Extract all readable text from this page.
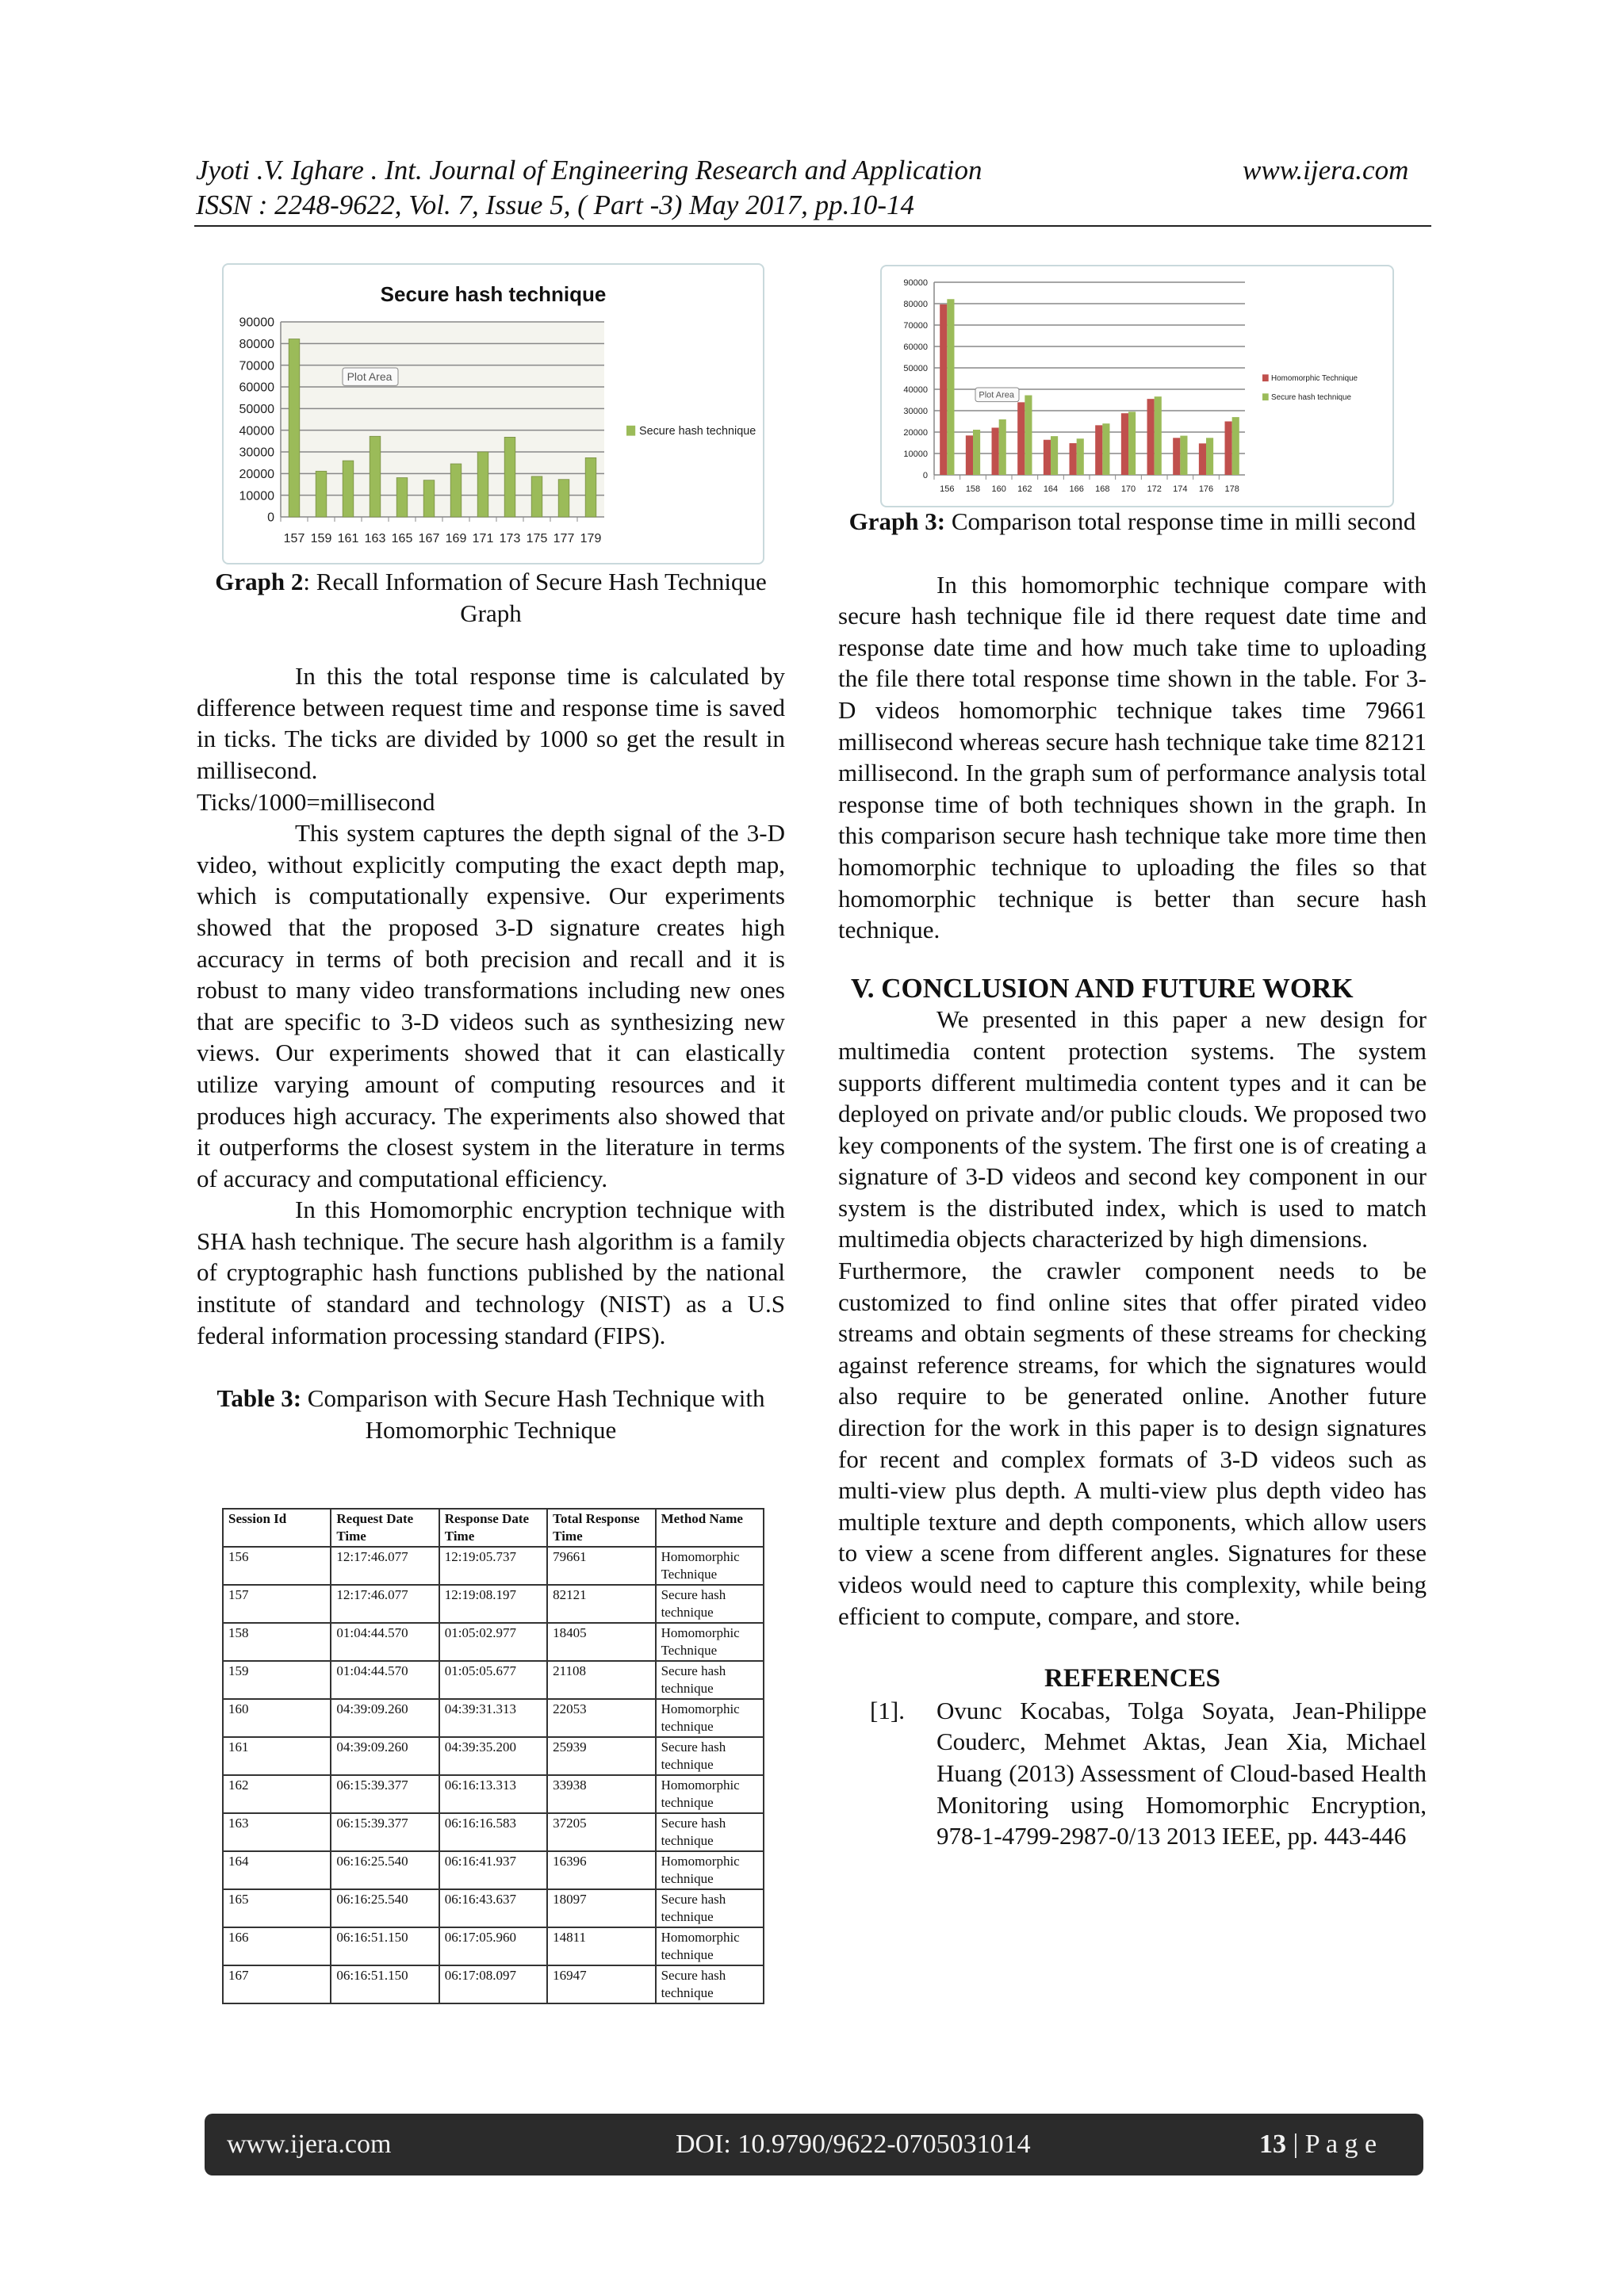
Jyoti .V. Ighare . Int. Journal of Engineering Research and Application	www.ijera.com
ISSN : 2248-9622, Vol. 7, Issue 5, ( Part -3) May 2017, pp.10-14
0
10000
20000
30000
40000
50000
60000
70000
80000
90000
157 159 161 163 165 167 169 171 173 175 177 179
Secure hash technique
Secure hash technique
Plot Area
0
10000
20000
30000
40000
50000
60000
70000
80000
90000
156 158 160 162 164 166 168 170 172 174 176 178
Homomorphic Technique
Secure hash technique
Plot Area

Graph 2: Recall Information of Secure Hash Technique Graph

In this the total response time is calculated by difference between request time and response time is saved in ticks. The ticks are divided by 1000 so get the result in millisecond.

Ticks/1000=millisecond

This system captures the depth signal of the 3-D video, without explicitly computing the exact depth map, which is computationally expensive. Our experiments showed that the proposed 3-D signature creates high accuracy in terms of both precision and recall and it is robust to many video transformations including new ones that are specific to 3-D videos such as synthesizing new views. Our experiments showed that it can elastically utilize varying amount of computing resources and it produces high accuracy. The experiments also showed that it outperforms the closest system in the literature in terms of accuracy and computational efficiency.

In this Homomorphic encryption technique with SHA hash technique. The secure hash algorithm is a family of cryptographic hash functions published by the national institute of standard and technology (NIST) as a U.S federal information processing standard (FIPS).

Table 3: Comparison with Secure Hash Technique with Homomorphic Technique

Session Id	Request Date Time	Response Date Time	Total Response Time	Method Name
156	12:17:46.077	12:19:05.737	79661	Homomorphic Technique
157	12:17:46.077	12:19:08.197	82121	Secure hash technique
158	01:04:44.570	01:05:02.977	18405	Homomorphic Technique
159	01:04:44.570	01:05:05.677	21108	Secure hash technique
160	04:39:09.260	04:39:31.313	22053	Homomorphic technique
161	04:39:09.260	04:39:35.200	25939	Secure hash technique
162	06:15:39.377	06:16:13.313	33938	Homomorphic technique
163	06:15:39.377	06:16:16.583	37205	Secure hash technique
164	06:16:25.540	06:16:41.937	16396	Homomorphic technique
165	06:16:25.540	06:16:43.637	18097	Secure hash technique
166	06:16:51.150	06:17:05.960	14811	Homomorphic technique
167	06:16:51.150	06:17:08.097	16947	Secure hash technique

Graph 3: Comparison total response time in milli second

In this homomorphic technique compare with secure hash technique file id there request date time and response date time and how much take time to uploading the file there total response time shown in the table. For 3-D videos homomorphic technique takes time 79661 millisecond whereas secure hash technique take time 82121 millisecond. In the graph sum of performance analysis total response time of both techniques shown in the graph. In this comparison secure hash technique take more time then homomorphic technique to uploading the files so that homomorphic technique is better than secure hash technique.

V. CONCLUSION AND FUTURE WORK

We presented in this paper a new design for multimedia content protection systems. The system supports different multimedia content types and it can be deployed on private and/or public clouds. We proposed two key components of the system. The first one is of creating a signature of 3-D videos and second key component in our system is the distributed index, which is used to match multimedia objects characterized by high dimensions.

Furthermore, the crawler component needs to be customized to find online sites that offer pirated video streams and obtain segments of these streams for checking against reference streams, for which the signatures would also require to be generated online. Another future direction for the work in this paper is to design signatures for recent and complex formats of 3-D videos such as multi-view plus depth. A multi-view plus depth video has multiple texture and depth components, which allow users to view a scene from different angles. Signatures for these videos would need to capture this complexity, while being efficient to compute, compare, and store.

REFERENCES
[1].	Ovunc Kocabas, Tolga Soyata, Jean-Philippe Couderc, Mehmet Aktas, Jean Xia, Michael Huang (2013) Assessment of Cloud-based Health Monitoring using Homomorphic Encryption, 978-1-4799-2987-0/13 2013 IEEE, pp. 443-446
www.ijera.com	DOI: 10.9790/9622-0705031014	13 | P a g e
